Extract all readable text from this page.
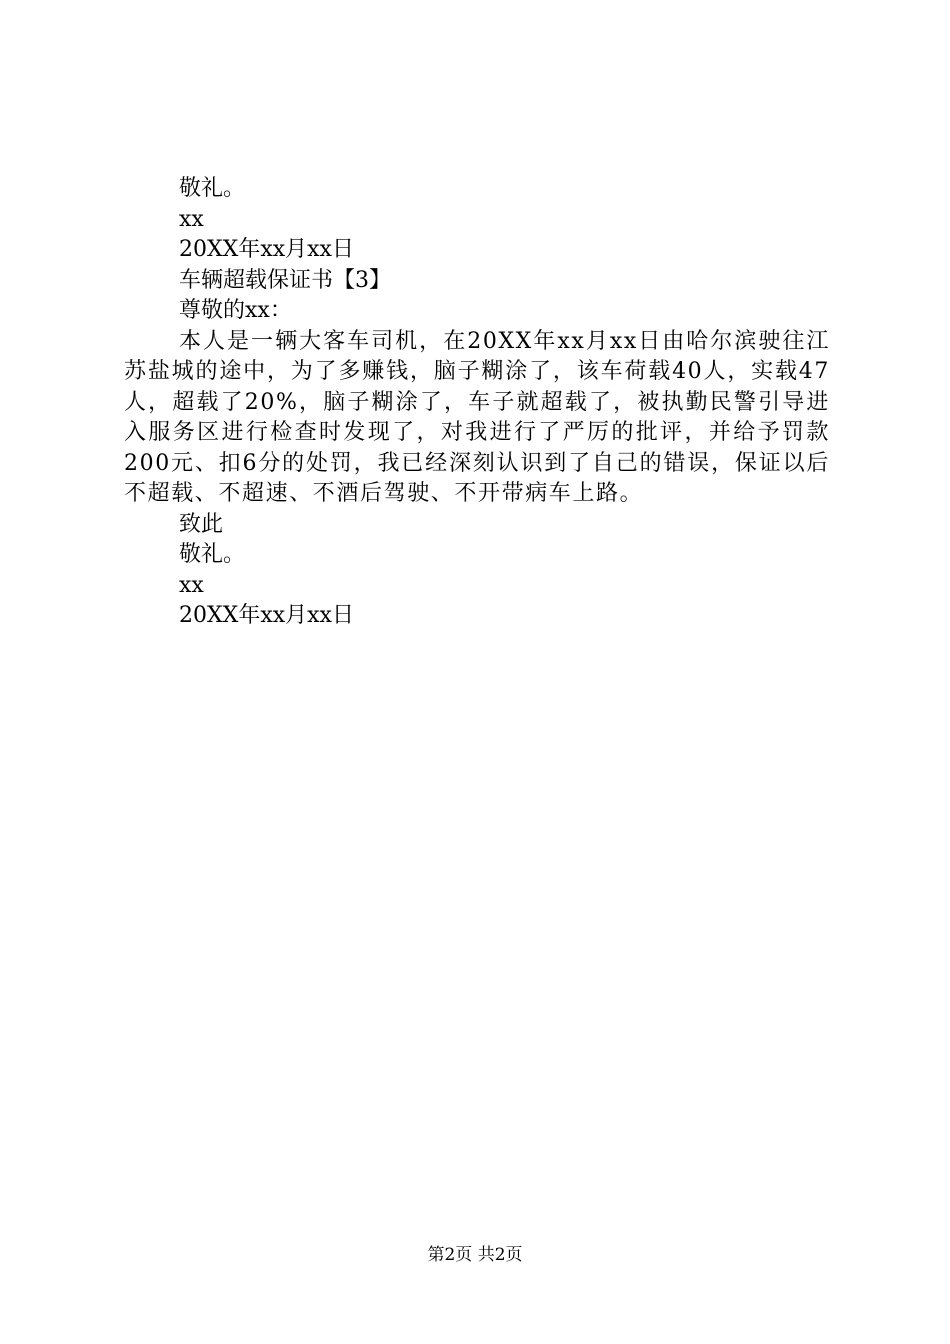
敬礼。
xx
20XX年xx月xx日
车辆超载保证书【3】
尊敬的xx：
本人是一辆大客车司机，在20XX年xx月xx日由哈尔滨驶往江苏盐城的途中，为了多赚钱，脑子糊涂了，该车荷载40人，实载47人，超载了20%，脑子糊涂了，车子就超载了，被执勤民警引导进入服务区进行检查时发现了，对我进行了严厉的批评，并给予罚款200元、扣6分的处罚，我已经深刻认识到了自己的错误，保证以后不超载、不超速、不酒后驾驶、不开带病车上路。
致此
敬礼。
xx
20XX年xx月xx日
第2页 共2页
